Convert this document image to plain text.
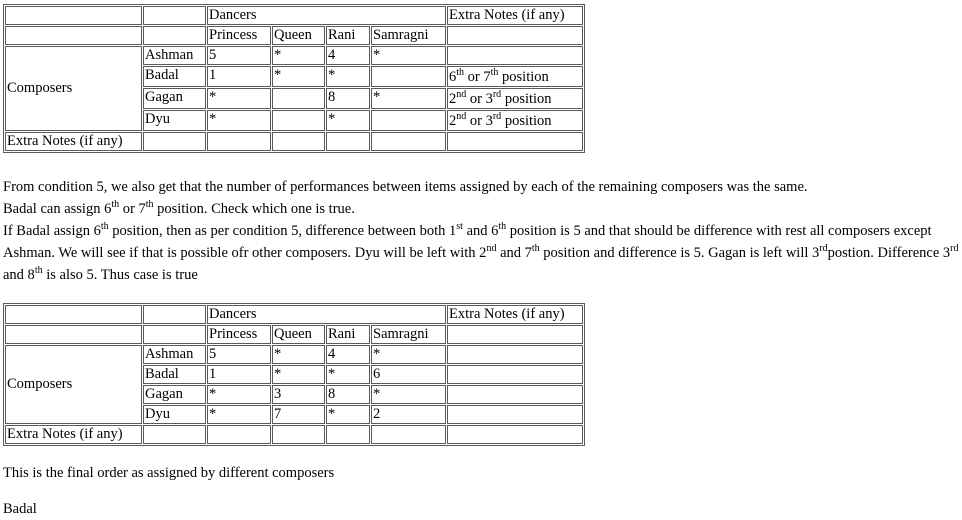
		Dancers				Extra Notes (if any)
		Princess	Queen	Rani	Samragni	
Composers	Ashman	5	*	4	*	
	Badal	1	*	*		6th or 7th position
	Gagan	*		8	*	2nd or 3rd position
	Dyu	*		*		2nd or 3rd position
Extra Notes (if any)						
From condition 5, we also get that the number of performances between items assigned by each of the remaining composers was the same.
Badal can assign 6th or 7th position. Check which one is true.
If Badal assign 6th position, then as per condition 5, difference between both 1st and 6th position is 5 and that should be difference with rest all composers except Ashman. We will see if that is possible ofr other composers. Dyu will be left with 2nd and 7th position and difference is 5. Gagan is left will 3rdpostion. Difference 3rd and 8th is also 5. Thus case is true
		Dancers				Extra Notes (if any)
		Princess	Queen	Rani	Samragni	
Composers	Ashman	5	*	4	*	
	Badal	1	*	*	6	
	Gagan	*	3	8	*	
	Dyu	*	7	*	2	
Extra Notes (if any)						

This is the final order as assigned by different composers

Badal
